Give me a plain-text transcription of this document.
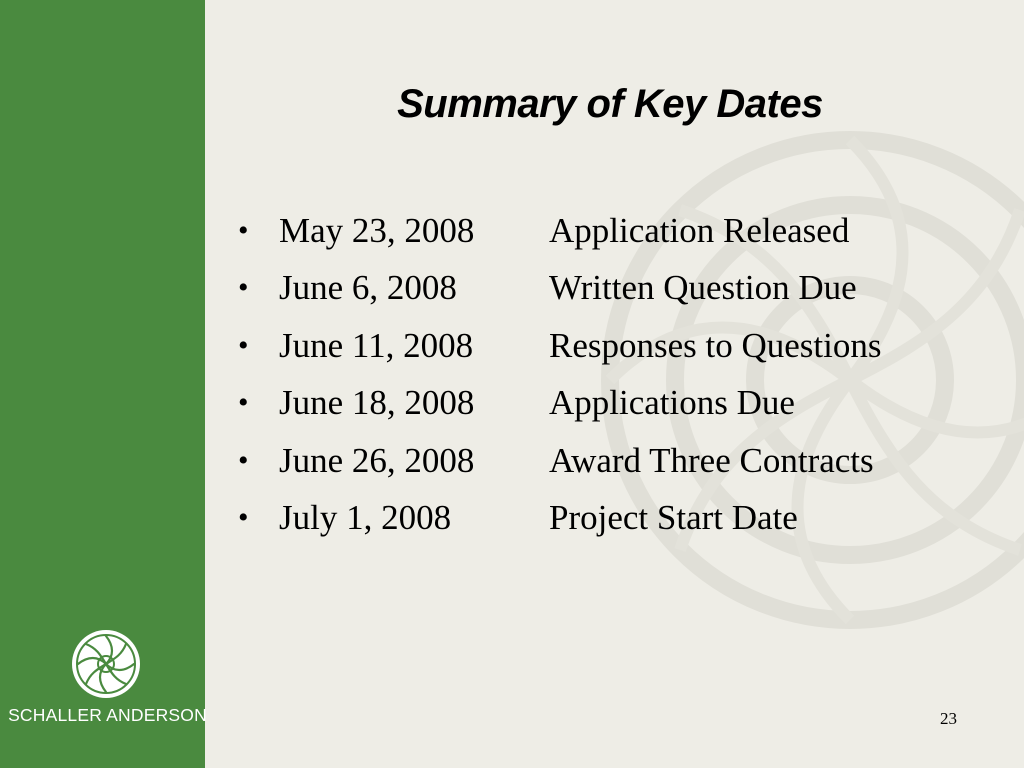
Summary of Key Dates
• May 23, 2008	Application Released
• June 6, 2008	Written Question Due
• June 11, 2008	Responses to Questions
• June 18, 2008	Applications Due
• June 26, 2008	Award Three Contracts
• July 1, 2008	Project Start Date
SCHALLER ANDERSON	23
